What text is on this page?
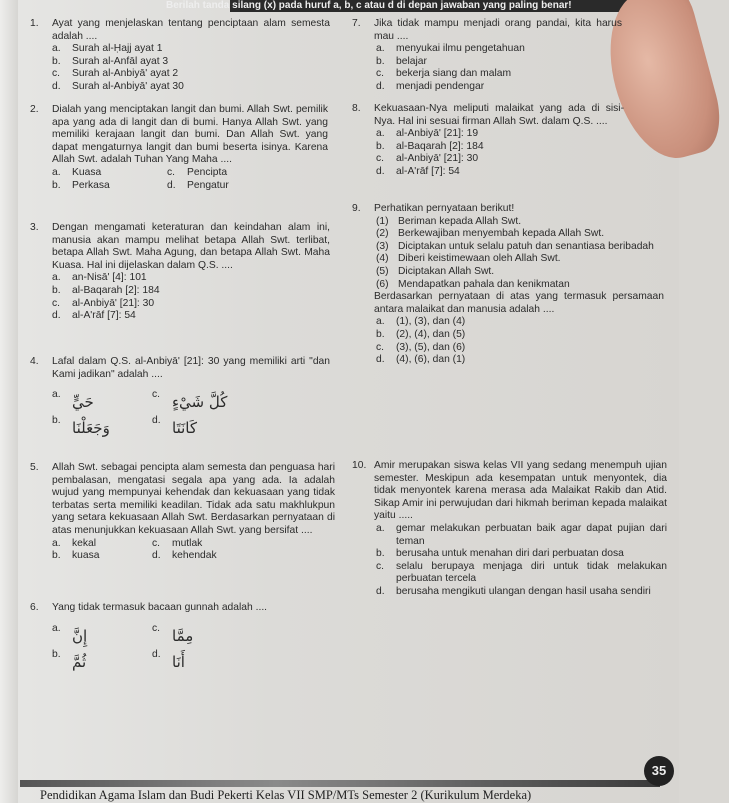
Berilah tanda silang (x) pada huruf a, b, c atau d di depan jawaban yang paling benar!
1. Ayat yang menjelaskan tentang penciptaan alam semesta adalah ....
a.	Surah al-Ḥajj ayat 1
b.	Surah al-Anfāl ayat 3
c.	Surah al-Anbiyā' ayat 2
d.	Surah al-Anbiyā' ayat 30
2. Dialah yang menciptakan langit dan bumi. Allah Swt. pemilik apa yang ada di langit dan di bumi. Hanya Allah Swt. yang memiliki kerajaan langit dan bumi. Dan Allah Swt. yang dapat mengaturnya langit dan bumi beserta isinya. Karena Allah Swt. adalah Tuhan Yang Maha ....
a.	Kuasa	c.	Pencipta
b.	Perkasa	d.	Pengatur
3. Dengan mengamati keteraturan dan keindahan alam ini, manusia akan mampu melihat betapa Allah Swt. terlibat, betapa Allah Swt. Maha Agung, dan betapa Allah Swt. Maha Kuasa. Hal ini dijelaskan dalam Q.S. ....
a.	an-Nisā' [4]: 101
b.	al-Baqarah [2]: 184
c.	al-Anbiyā' [21]: 30
d.	al-A'rāf [7]: 54
4. Lafal dalam Q.S. al-Anbiyā' [21]: 30 yang memiliki arti "dan Kami jadikan" adalah ....
a. حَيٍّ	c. كُلَّ شَيْءٍ
b. وَجَعَلْنَا	d. كَانَتَا
5. Allah Swt. sebagai pencipta alam semesta dan penguasa hari pembalasan, mengatasi segala apa yang ada. Ia adalah wujud yang mempunyai kehendak dan kekuasaan yang tidak terbatas serta memiliki keadilan. Tidak ada satu makhlukpun yang setara kekuasaan Allah Swt. Berdasarkan pernyataan di atas menunjukkan kekuasaan Allah Swt. yang bersifat ....
a.	kekal	c.	mutlak
b.	kuasa	d.	kehendak
6. Yang tidak termasuk bacaan gunnah adalah ....
a. إِنَّ	c. مِمَّا
b. ثُمَّ	d. أَنَا
7. Jika tidak mampu menjadi orang pandai, kita harus mau ....
a.	menyukai ilmu pengetahuan
b.	belajar
c.	bekerja siang dan malam
d.	menjadi pendengar
8. Kekuasaan-Nya meliputi malaikat yang ada di sisi-Nya. Hal ini sesuai firman Allah Swt. dalam Q.S. ....
a.	al-Anbiyā' [21]: 19
b.	al-Baqarah [2]: 184
c.	al-Anbiyā' [21]: 30
d.	al-A'rāf [7]: 54
9. Perhatikan pernyataan berikut!
(1) Beriman kepada Allah Swt.
(2) Berkewajiban menyembah kepada Allah Swt.
(3) Diciptakan untuk selalu patuh dan senantiasa beribadah
(4) Diberi keistimewaan oleh Allah Swt.
(5) Diciptakan Allah Swt.
(6) Mendapatkan pahala dan kenikmatan
Berdasarkan pernyataan di atas yang termasuk persamaan antara malaikat dan manusia adalah ....
a.	(1), (3), dan (4)
b.	(2), (4), dan (5)
c.	(3), (5), dan (6)
d.	(4), (6), dan (1)
10. Amir merupakan siswa kelas VII yang sedang menempuh ujian semester. Meskipun ada kesempatan untuk menyontek, dia tidak menyontek karena merasa ada Malaikat Rakib dan Atid. Sikap Amir ini perwujudan dari hikmah beriman kepada malaikat yaitu .....
a.	gemar melakukan perbuatan baik agar dapat pujian dari teman
b.	berusaha untuk menahan diri dari perbuatan dosa
c.	selalu berupaya menjaga diri untuk tidak melakukan perbuatan tercela
d.	berusaha mengikuti ulangan dengan hasil usaha sendiri
Pendidikan Agama Islam dan Budi Pekerti Kelas VII SMP/MTs Semester 2 (Kurikulum Merdeka)
35
